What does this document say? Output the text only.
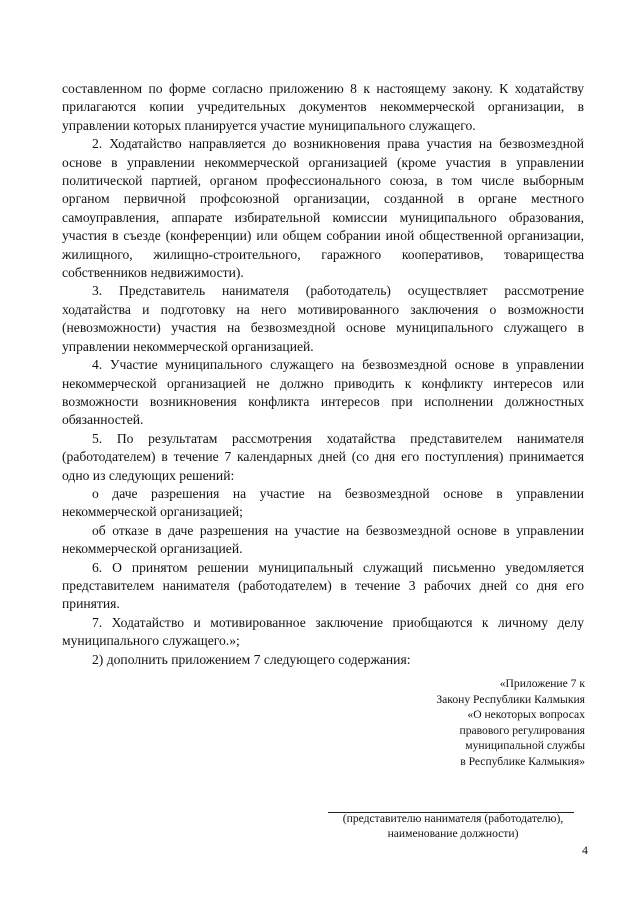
составленном по форме согласно приложению 8 к настоящему закону. К ходатайству прилагаются копии учредительных документов некоммерческой организации, в управлении которых планируется участие муниципального служащего.

2. Ходатайство направляется до возникновения права участия на безвозмездной основе в управлении некоммерческой организацией (кроме участия в управлении политической партией, органом профессионального союза, в том числе выборным органом первичной профсоюзной организации, созданной в органе местного самоуправления, аппарате избирательной комиссии муниципального образования, участия в съезде (конференции) или общем собрании иной общественной организации, жилищного, жилищно-строительного, гаражного кооперативов, товарищества собственников недвижимости).

3. Представитель нанимателя (работодатель) осуществляет рассмотрение ходатайства и подготовку на него мотивированного заключения о возможности (невозможности) участия на безвозмездной основе муниципального служащего в управлении некоммерческой организацией.

4. Участие муниципального служащего на безвозмездной основе в управлении некоммерческой организацией не должно приводить к конфликту интересов или возможности возникновения конфликта интересов при исполнении должностных обязанностей.

5. По результатам рассмотрения ходатайства представителем нанимателя (работодателем) в течение 7 календарных дней (со дня его поступления) принимается одно из следующих решений:

о даче разрешения на участие на безвозмездной основе в управлении некоммерческой организацией;

об отказе в даче разрешения на участие на безвозмездной основе в управлении некоммерческой организацией.

6. О принятом решении муниципальный служащий письменно уведомляется представителем нанимателя (работодателем) в течение 3 рабочих дней со дня его принятия.

7. Ходатайство и мотивированное заключение приобщаются к личному делу муниципального служащего.»;

2) дополнить приложением 7 следующего содержания:

«Приложение 7 к
Закону Республики Калмыкия
«О некоторых вопросах
правового регулирования
муниципальной службы
в Республике Калмыкия»
(представителю нанимателя (работодателю),
наименование должности)
4
